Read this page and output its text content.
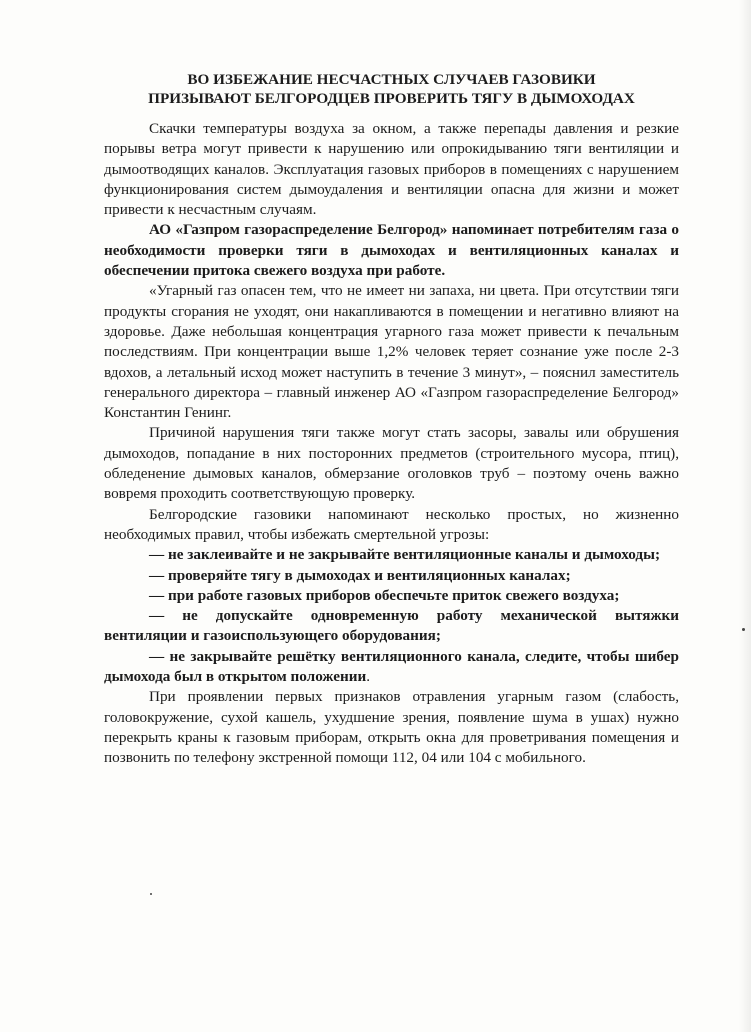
ВО ИЗБЕЖАНИЕ НЕСЧАСТНЫХ СЛУЧАЕВ ГАЗОВИКИ
ПРИЗЫВАЮТ БЕЛГОРОДЦЕВ ПРОВЕРИТЬ ТЯГУ В ДЫМОХОДАХ

Скачки температуры воздуха за окном, а также перепады давления и резкие порывы ветра могут привести к нарушению или опрокидыванию тяги вентиляции и дымоотводящих каналов. Эксплуатация газовых приборов в помещениях с нарушением функционирования систем дымоудаления и вентиляции опасна для жизни и может привести к несчастным случаям.

АО «Газпром газораспределение Белгород» напоминает потребителям газа о необходимости проверки тяги в дымоходах и вентиляционных каналах и обеспечении притока свежего воздуха при работе.

«Угарный газ опасен тем, что не имеет ни запаха, ни цвета. При отсутствии тяги продукты сгорания не уходят, они накапливаются в помещении и негативно влияют на здоровье. Даже небольшая концентрация угарного газа может привести к печальным последствиям. При концентрации выше 1,2% человек теряет сознание уже после 2-3 вдохов, а летальный исход может наступить в течение 3 минут», – пояснил заместитель генерального директора – главный инженер АО «Газпром газораспределение Белгород» Константин Генинг.

Причиной нарушения тяги также могут стать засоры, завалы или обрушения дымоходов, попадание в них посторонних предметов (строительного мусора, птиц), обледенение дымовых каналов, обмерзание оголовков труб – поэтому очень важно вовремя проходить соответствующую проверку.

Белгородские газовики напоминают несколько простых, но жизненно необходимых правил, чтобы избежать смертельной угрозы:

— не заклеивайте и не закрывайте вентиляционные каналы и дымоходы;

— проверяйте тягу в дымоходах и вентиляционных каналах;

— при работе газовых приборов обеспечьте приток свежего воздуха;

— не допускайте одновременную работу механической вытяжки вентиляции и газоиспользующего оборудования;

— не закрывайте решётку вентиляционного канала, следите, чтобы шибер дымохода был в открытом положении.

При проявлении первых признаков отравления угарным газом (слабость, головокружение, сухой кашель, ухудшение зрения, появление шума в ушах) нужно перекрыть краны к газовым приборам, открыть окна для проветривания помещения и позвонить по телефону экстренной помощи 112, 04 или 104 с мобильного.
